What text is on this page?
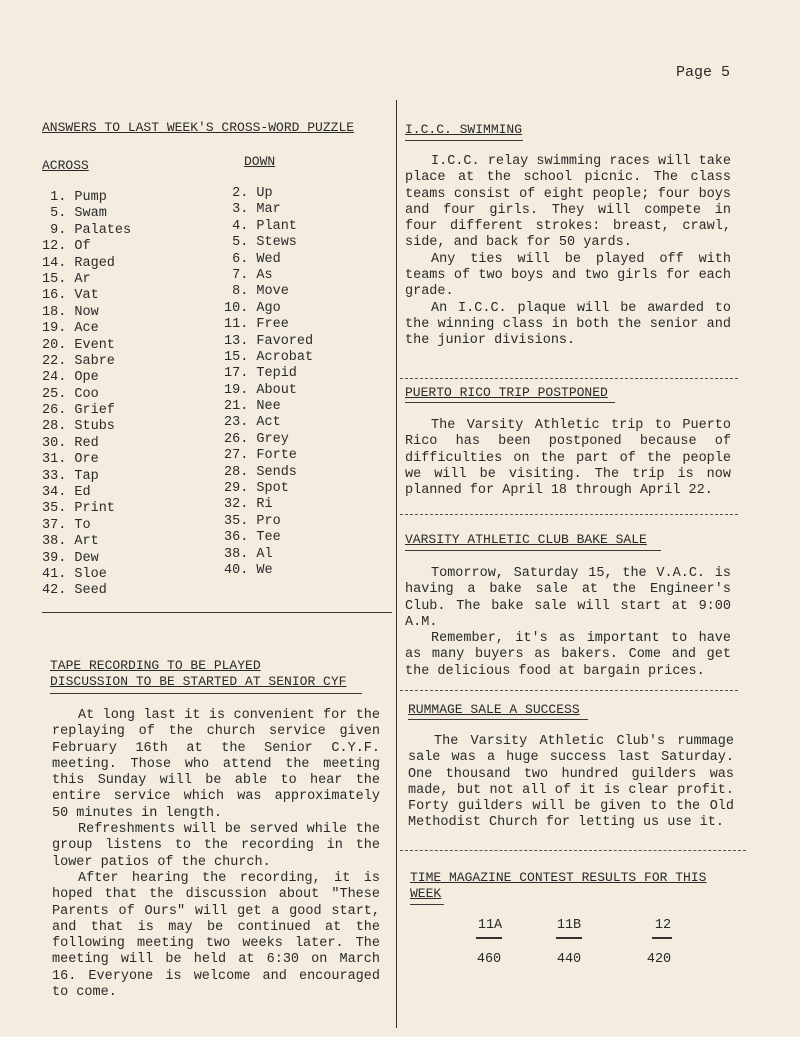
Page 5
ANSWERS TO LAST WEEK'S CROSS-WORD PUZZLE
ACROSS	DOWN
1. Pump
5. Swam
9. Palates
12. Of
14. Raged
15. Ar
16. Vat
18. Now
19. Ace
20. Event
22. Sabre
24. Ope
25. Coo
26. Grief
28. Stubs
30. Red
31. Ore
33. Tap
34. Ed
35. Print
37. To
38. Art
39. Dew
41. Sloe
42. Seed
2. Up
3. Mar
4. Plant
5. Stews
6. Wed
7. As
8. Move
10. Ago
11. Free
13. Favored
15. Acrobat
17. Tepid
19. About
21. Nee
23. Act
26. Grey
27. Forte
28. Sends
29. Spot
32. Ri
35. Pro
36. Tee
38. Al
40. We
TAPE RECORDING TO BE PLAYED
DISCUSSION TO BE STARTED AT SENIOR CYF

At long last it is convenient for the replaying of the church service given February 16th at the Senior C.Y.F. meeting. Those who attend the meeting this Sunday will be able to hear the entire service which was approximately 50 minutes in length.

Refreshments will be served while the group listens to the recording in the lower patios of the church.

After hearing the recording, it is hoped that the discussion about "These Parents of Ours" will get a good start, and that is may be continued at the following meeting two weeks later. The meeting will be held at 6:30 on March 16. Everyone is welcome and encouraged to come.

I.C.C. SWIMMING

I.C.C. relay swimming races will take place at the school picnic. The class teams consist of eight people; four boys and four girls. They will compete in four different strokes: breast, crawl, side, and back for 50 yards.

Any ties will be played off with teams of two boys and two girls for each grade.

An I.C.C. plaque will be awarded to the winning class in both the senior and the junior divisions.

PUERTO RICO TRIP POSTPONED

The Varsity Athletic trip to Puerto Rico has been postponed because of difficulties on the part of the people we will be visiting. The trip is now planned for April 18 through April 22.

VARSITY ATHLETIC CLUB BAKE SALE

Tomorrow, Saturday 15, the V.A.C. is having a bake sale at the Engineer's Club. The bake sale will start at 9:00 A.M.

Remember, it's as important to have as many buyers as bakers. Come and get the delicious food at bargain prices.

RUMMAGE SALE A SUCCESS

The Varsity Athletic Club's rummage sale was a huge success last Saturday. One thousand two hundred guilders was made, but not all of it is clear profit. Forty guilders will be given to the Old Methodist Church for letting us use it.

TIME MAGAZINE CONTEST RESULTS FOR THIS
WEEK
11A	11B	12
460	440	420
